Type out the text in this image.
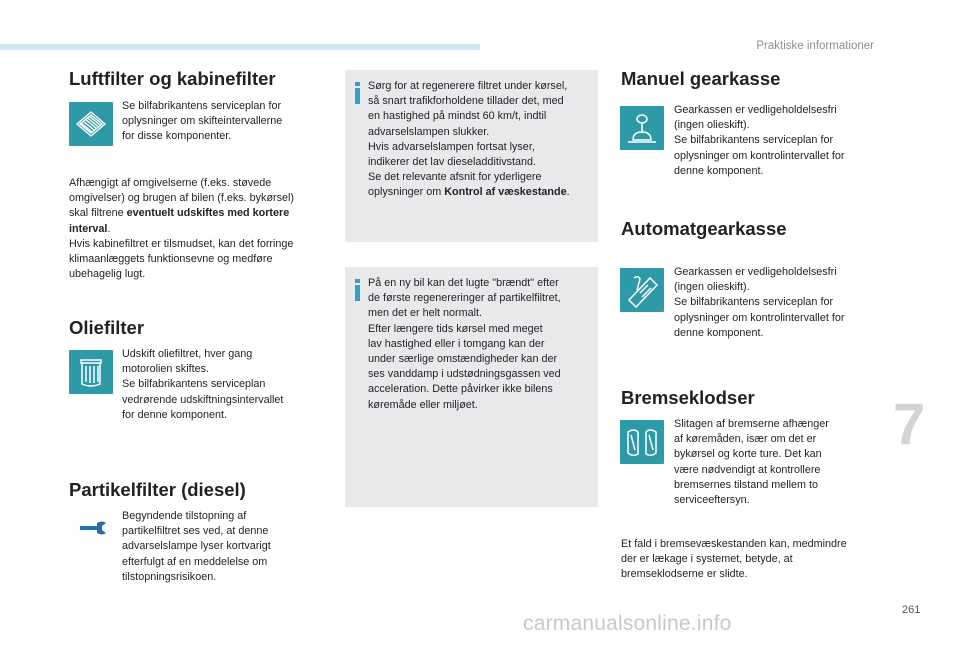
Praktiske informationer
Luftfilter og kabinefilter
Se bilfabrikantens serviceplan for
oplysninger om skifteintervallerne
for disse komponenter.
Afhængigt af omgivelserne (f.eks. støvede
omgivelser) og brugen af bilen (f.eks. bykørsel)
skal filtrene eventuelt udskiftes med kortere
interval.
Hvis kabinefiltret er tilsmudset, kan det forringe
klimaanlæggets funktionsevne og medføre
ubehagelig lugt.
Oliefilter
Udskift oliefiltret, hver gang
motorolien skiftes.
Se bilfabrikantens serviceplan
vedrørende udskiftningsintervallet
for denne komponent.
Partikelfilter (diesel)
Begyndende tilstopning af
partikelfiltret ses ved, at denne
advarselslampe lyser kortvarigt
efterfulgt af en meddelelse om
tilstopningsrisikoen.
Sørg for at regenerere filtret under kørsel,
så snart trafikforholdene tillader det, med
en hastighed på mindst 60 km/t, indtil
advarselslampen slukker.
Hvis advarselslampen fortsat lyser,
indikerer det lav dieseladditivstand.
Se det relevante afsnit for yderligere
oplysninger om Kontrol af væskestande.
På en ny bil kan det lugte "brændt" efter
de første regenereringer af partikelfiltret,
men det er helt normalt.
Efter længere tids kørsel med meget
lav hastighed eller i tomgang kan der
under særlige omstændigheder kan der
ses vanddamp i udstødningsgassen ved
acceleration. Dette påvirker ikke bilens
køremåde eller miljøet.
Manuel gearkasse
Gearkassen er vedligeholdelsesfri
(ingen olieskift).
Se bilfabrikantens serviceplan for
oplysninger om kontrolintervallet for
denne komponent.
Automatgearkasse
Gearkassen er vedligeholdelsesfri
(ingen olieskift).
Se bilfabrikantens serviceplan for
oplysninger om kontrolintervallet for
denne komponent.
Bremseklodser
Slitagen af bremserne afhænger
af køremåden, især om det er
bykørsel og korte ture. Det kan
være nødvendigt at kontrollere
bremsernes tilstand mellem to
serviceeftersyn.
Et fald i bremsevæskestanden kan, medmindre
der er lækage i systemet, betyde, at
bremseklodserne er slidte.
7
261
carmanualsonline.info
